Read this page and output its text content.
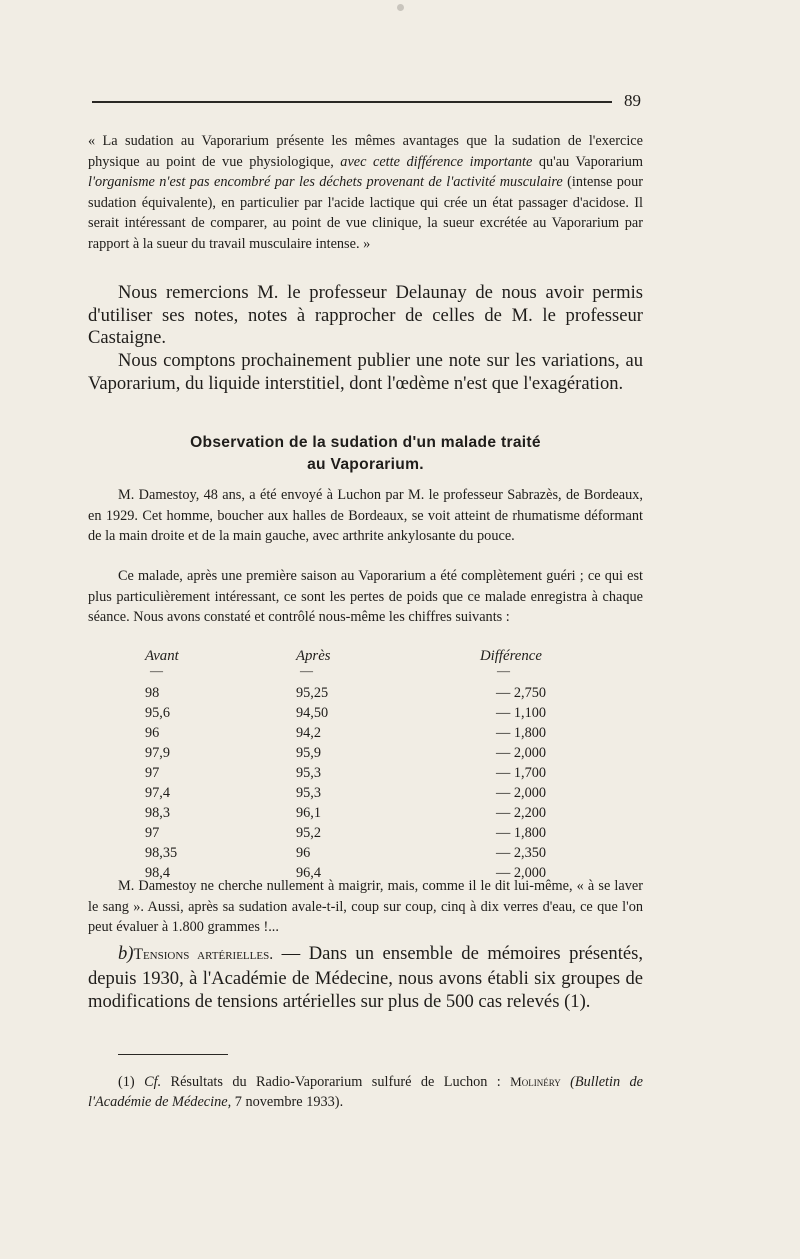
89
« La sudation au Vaporarium présente les mêmes avantages que la sudation de l'exercice physique au point de vue physiologique, avec cette différence importante qu'au Vaporarium l'organisme n'est pas encombré par les déchets provenant de l'activité musculaire (intense pour sudation équivalente), en particulier par l'acide lactique qui crée un état passager d'acidose. Il serait intéressant de comparer, au point de vue clinique, la sueur excrétée au Vaporarium par rapport à la sueur du travail musculaire intense. »
Nous remercions M. le professeur Delaunay de nous avoir permis d'utiliser ses notes, notes à rapprocher de celles de M. le professeur Castaigne.
Nous comptons prochainement publier une note sur les variations, au Vaporarium, du liquide interstitiel, dont l'œdème n'est que l'exagération.
Observation de la sudation d'un malade traité
au Vaporarium.
M. Damestoy, 48 ans, a été envoyé à Luchon par M. le professeur Sabrazès, de Bordeaux, en 1929. Cet homme, boucher aux halles de Bordeaux, se voit atteint de rhumatisme déformant de la main droite et de la main gauche, avec arthrite ankylosante du pouce.
Ce malade, après une première saison au Vaporarium a été complètement guéri ; ce qui est plus particulièrement intéressant, ce sont les pertes de poids que ce malade enregistra à chaque séance. Nous avons constaté et contrôlé nous-même les chiffres suivants :
Avant	Après	Différence
—	—	—
98	95,25	— 2,750
95,6	94,50	— 1,100
96	94,2	— 1,800
97,9	95,9	— 2,000
97	95,3	— 1,700
97,4	95,3	— 2,000
98,3	96,1	— 2,200
97	95,2	— 1,800
98,35	96	— 2,350
98,4	96,4	— 2,000
M. Damestoy ne cherche nullement à maigrir, mais, comme il le dit lui-même, « à se laver le sang ». Aussi, après sa sudation avale-t-il, coup sur coup, cinq à dix verres d'eau, ce que l'on peut évaluer à 1.800 grammes !...
b)Tensions artérielles. — Dans un ensemble de mémoires présentés, depuis 1930, à l'Académie de Médecine, nous avons établi six groupes de modifications de tensions artérielles sur plus de 500 cas relevés (1).
(1) Cf. Résultats du Radio-Vaporarium sulfuré de Luchon : Molinéry (Bulletin de l'Académie de Médecine, 7 novembre 1933).
